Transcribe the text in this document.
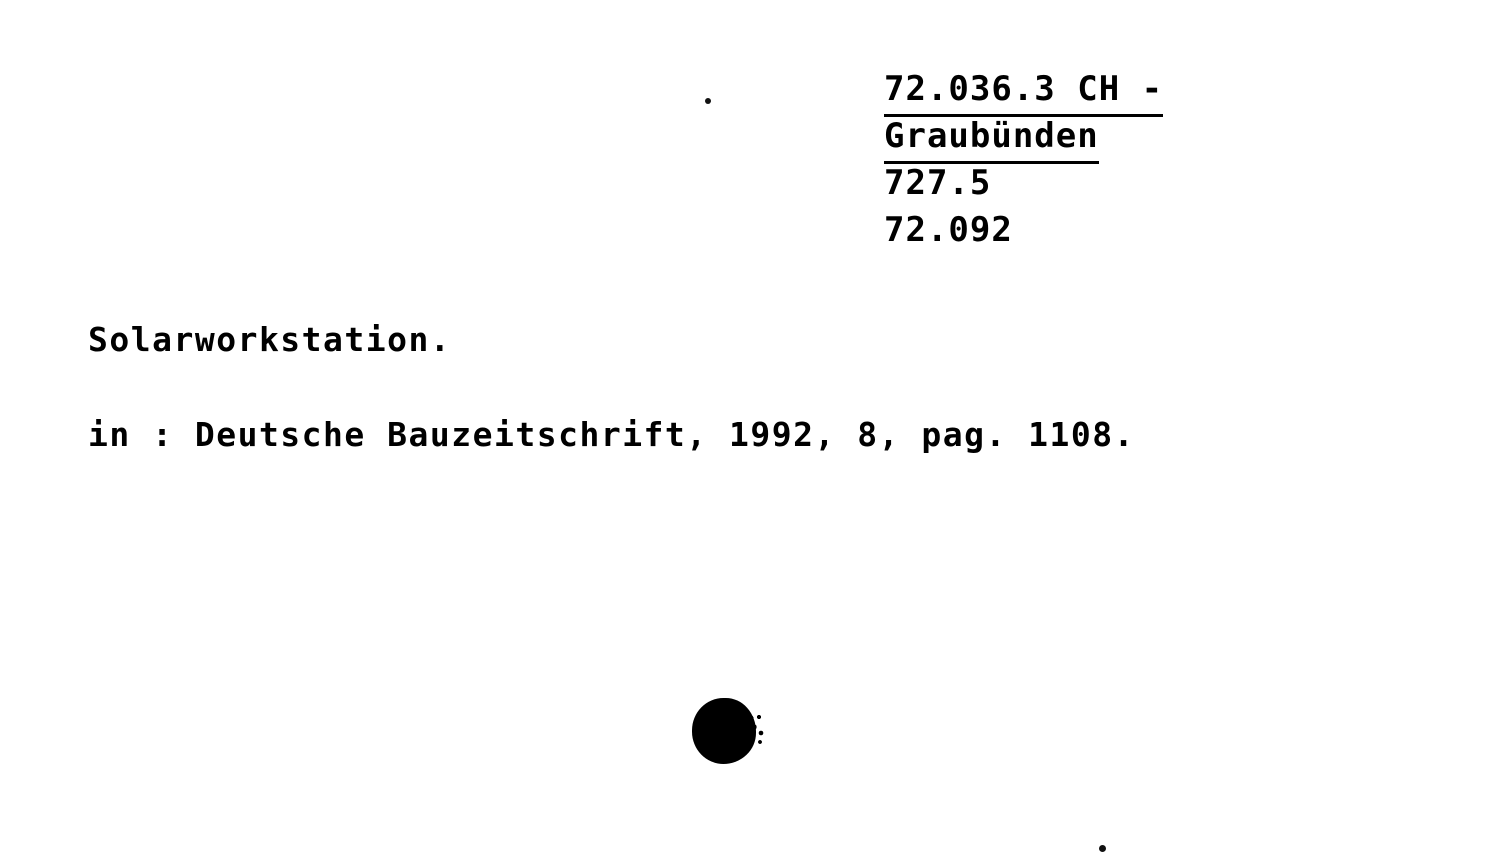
72.036.3 CH -
Graubünden
727.5
72.092
Solarworkstation.
in : Deutsche Bauzeitschrift, 1992, 8, pag. 1108.
